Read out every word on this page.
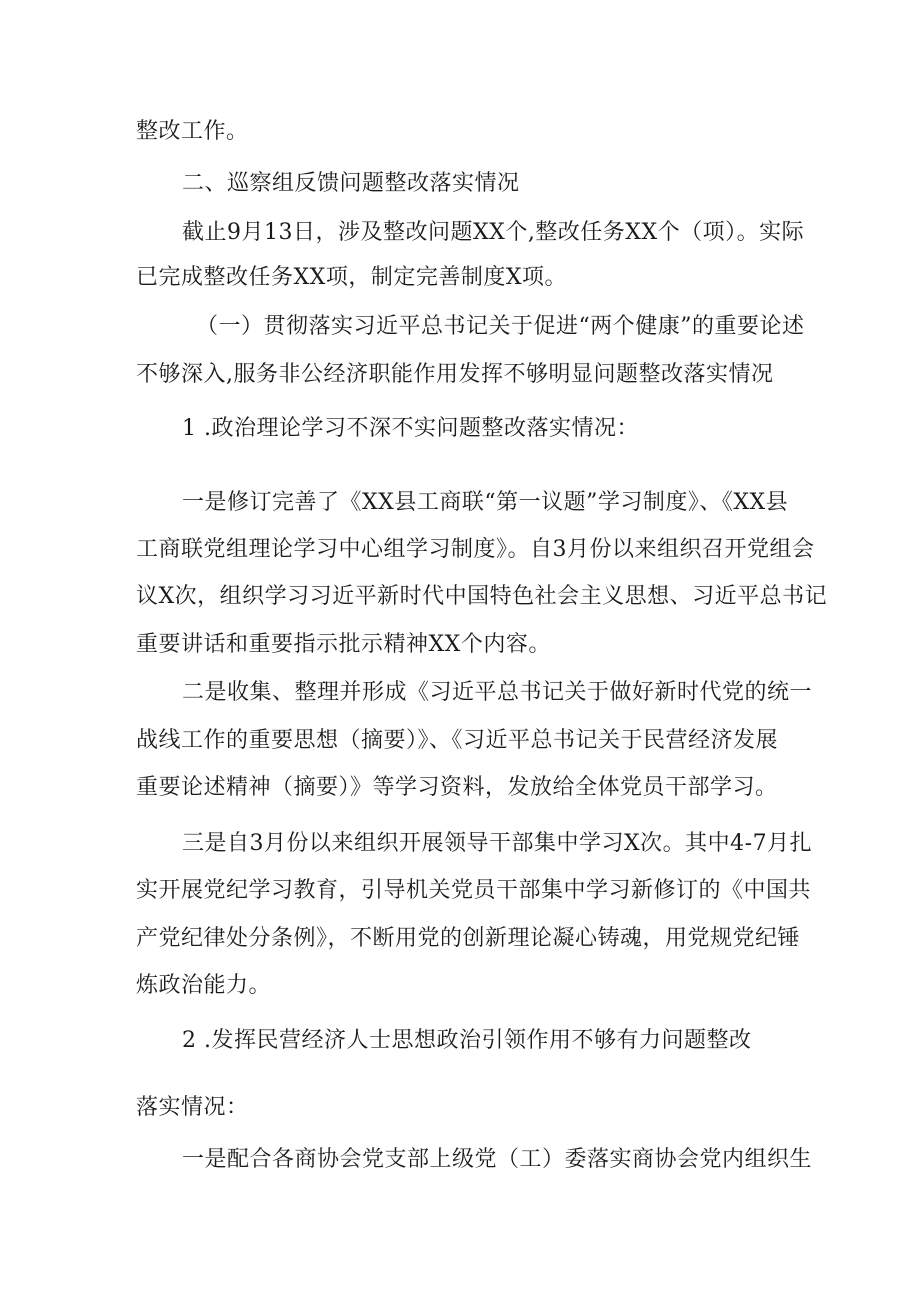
整改工作。
二、巡察组反馈问题整改落实情况
截止9月13日，涉及整改问题XX个,整改任务XX个（项）。实际
已完成整改任务XX项，制定完善制度X项。
（一）贯彻落实习近平总书记关于促进“两个健康”的重要论述
不够深入,服务非公经济职能作用发挥不够明显问题整改落实情况
1 .政治理论学习不深不实问题整改落实情况：
一是修订完善了《XX县工商联“第一议题”学习制度》、《XX县
工商联党组理论学习中心组学习制度》。自3月份以来组织召开党组会
议X次，组织学习习近平新时代中国特色社会主义思想、习近平总书记
重要讲话和重要指示批示精神XX个内容。
二是收集、整理并形成《习近平总书记关于做好新时代党的统一
战线工作的重要思想（摘要）》、《习近平总书记关于民营经济发展
重要论述精神（摘要）》等学习资料，发放给全体党员干部学习。
三是自3月份以来组织开展领导干部集中学习X次。其中4-7月扎
实开展党纪学习教育，引导机关党员干部集中学习新修订的《中国共
产党纪律处分条例》，不断用党的创新理论凝心铸魂，用党规党纪锤
炼政治能力。
2 .发挥民营经济人士思想政治引领作用不够有力问题整改
落实情况：
一是配合各商协会党支部上级党（工）委落实商协会党内组织生
